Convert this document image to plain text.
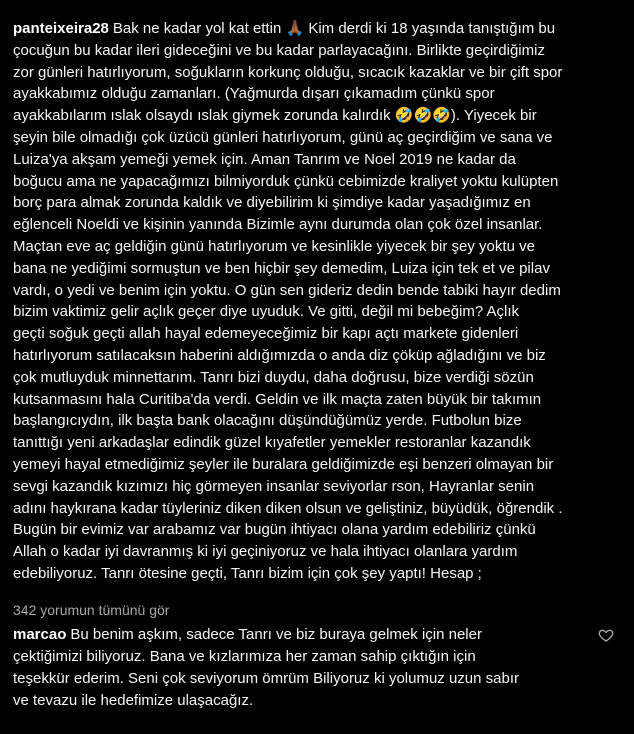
panteixeira28 Bak ne kadar yol kat ettin 🙏🏾 Kim derdi ki 18 yaşında tanıştığım bu
çocuğun bu kadar ileri gideceğini ve bu kadar parlayacağını. Birlikte geçirdiğimiz
zor günleri hatırlıyorum, soğukların korkunç olduğu, sıcacık kazaklar ve bir çift spor
ayakkabımız olduğu zamanları. (Yağmurda dışarı çıkamadım çünkü spor
ayakkabılarım ıslak olsaydı ıslak giymek zorunda kalırdık 🤣🤣🤣). Yiyecek bir
şeyin bile olmadığı çok üzücü günleri hatırlıyorum, günü aç geçirdiğim ve sana ve
Luiza'ya akşam yemeği yemek için. Aman Tanrım ve Noel 2019 ne kadar da
boğucu ama ne yapacağımızı bilmiyorduk çünkü cebimizde kraliyet yoktu kulüpten
borç para almak zorunda kaldık ve diyebilirim ki şimdiye kadar yaşadığımız en
eğlenceli Noeldi ve kişinin yanında Bizimle aynı durumda olan çok özel insanlar.
Maçtan eve aç geldiğin günü hatırlıyorum ve kesinlikle yiyecek bir şey yoktu ve
bana ne yediğimi sormuştun ve ben hiçbir şey demedim, Luiza için tek et ve pilav
vardı, o yedi ve benim için yoktu. O gün sen gideriz dedin bende tabiki hayır dedim
bizim vaktimiz gelir açlık geçer diye uyuduk. Ve gitti, değil mi bebeğim? Açlık
geçti soğuk geçti allah hayal edemeyeceğimiz bir kapı açtı markete gidenleri
hatırlıyorum satılacaksın haberini aldığımızda o anda diz çöküp ağladığını ve biz
çok mutluyduk minnettarım. Tanrı bizi duydu, daha doğrusu, bize verdiği sözün
kutsanmasını hala Curitiba'da verdi. Geldin ve ilk maçta zaten büyük bir takımın
başlangıcıydın, ilk başta bank olacağını düşündüğümüz yerde. Futbolun bize
tanıttığı yeni arkadaşlar edindik güzel kıyafetler yemekler restoranlar kazandık
yemeyi hayal etmediğimiz şeyler ile buralara geldiğimizde eşi benzeri olmayan bir
sevgi kazandık kızımızı hiç görmeyen insanlar seviyorlar rson, Hayranlar senin
adını haykırana kadar tüyleriniz diken diken olsun ve geliştiniz, büyüdük, öğrendik .
Bugün bir evimiz var arabamız var bugün ihtiyacı olana yardım edebiliriz çünkü
Allah o kadar iyi davranmış ki iyi geçiniyoruz ve hala ihtiyacı olanlara yardım
edebiliyoruz. Tanrı ötesine geçti, Tanrı bizim için çok şey yaptı! Hesap ;

342 yorumun tümünü gör

marcao Bu benim aşkım, sadece Tanrı ve biz buraya gelmek için neler
çektiğimizi biliyoruz. Bana ve kızlarımıza her zaman sahip çıktığın için
teşekkür ederim. Seni çok seviyorum ömrüm Biliyoruz ki yolumuz uzun sabır
ve tevazu ile hedefimize ulaşacağız.
